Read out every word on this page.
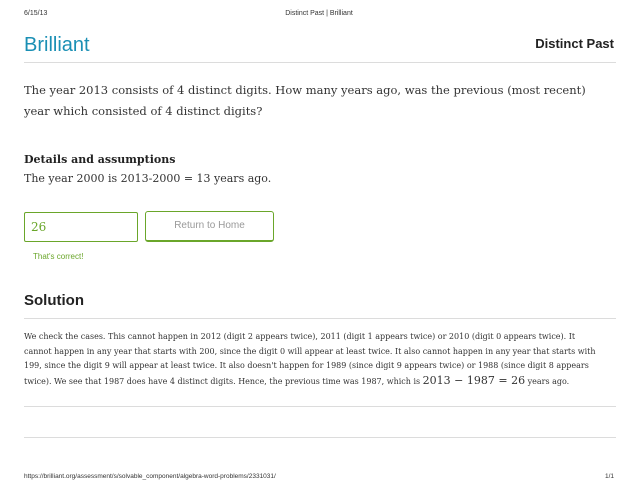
6/15/13	Distinct Past | Brilliant
Brilliant	Distinct Past
The year 2013 consists of 4 distinct digits. How many years ago, was the previous (most recent) year which consisted of 4 distinct digits?
Details and assumptions
The year 2000 is 2013-2000 = 13 years ago.
26
Return to Home
That's correct!
Solution
We check the cases. This cannot happen in 2012 (digit 2 appears twice), 2011 (digit 1 appears twice) or 2010 (digit 0 appears twice). It cannot happen in any year that starts with 200, since the digit 0 will appear at least twice. It also cannot happen in any year that starts with 199, since the digit 9 will appear at least twice. It also doesn't happen for 1989 (since digit 9 appears twice) or 1988 (since digit 8 appears twice). We see that 1987 does have 4 distinct digits. Hence, the previous time was 1987, which is 2013 − 1987 = 26 years ago.
https://brilliant.org/assessment/s/solvable_component/algebra-word-problems/2331031/	1/1
